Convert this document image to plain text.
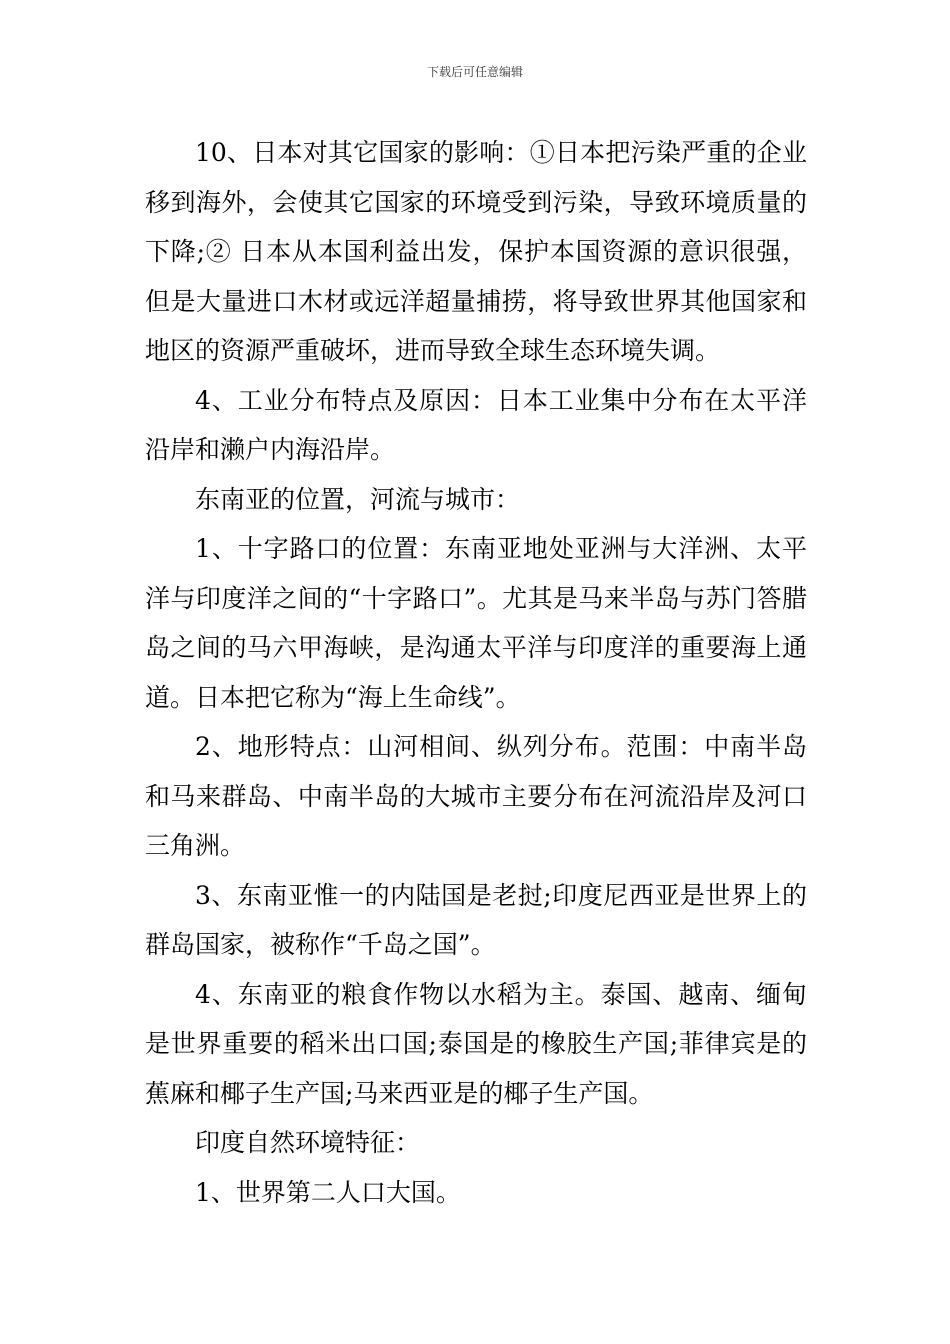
下载后可任意编辑

10、日本对其它国家的影响：①日本把污染严重的企业移到海外，会使其它国家的环境受到污染，导致环境质量的下降;② 日本从本国利益出发，保护本国资源的意识很强，但是大量进口木材或远洋超量捕捞，将导致世界其他国家和地区的资源严重破坏，进而导致全球生态环境失调。

4、工业分布特点及原因：日本工业集中分布在太平洋沿岸和濑户内海沿岸。

东南亚的位置，河流与城市：

1、十字路口的位置：东南亚地处亚洲与大洋洲、太平洋与印度洋之间的“十字路口”。尤其是马来半岛与苏门答腊岛之间的马六甲海峡，是沟通太平洋与印度洋的重要海上通道。日本把它称为“海上生命线”。

2、地形特点：山河相间、纵列分布。范围：中南半岛和马来群岛、中南半岛的大城市主要分布在河流沿岸及河口三角洲。

3、东南亚惟一的内陆国是老挝;印度尼西亚是世界上的群岛国家，被称作“千岛之国”。

4、东南亚的粮食作物以水稻为主。泰国、越南、缅甸是世界重要的稻米出口国;泰国是的橡胶生产国;菲律宾是的蕉麻和椰子生产国;马来西亚是的椰子生产国。

印度自然环境特征：

1、世界第二人口大国。
